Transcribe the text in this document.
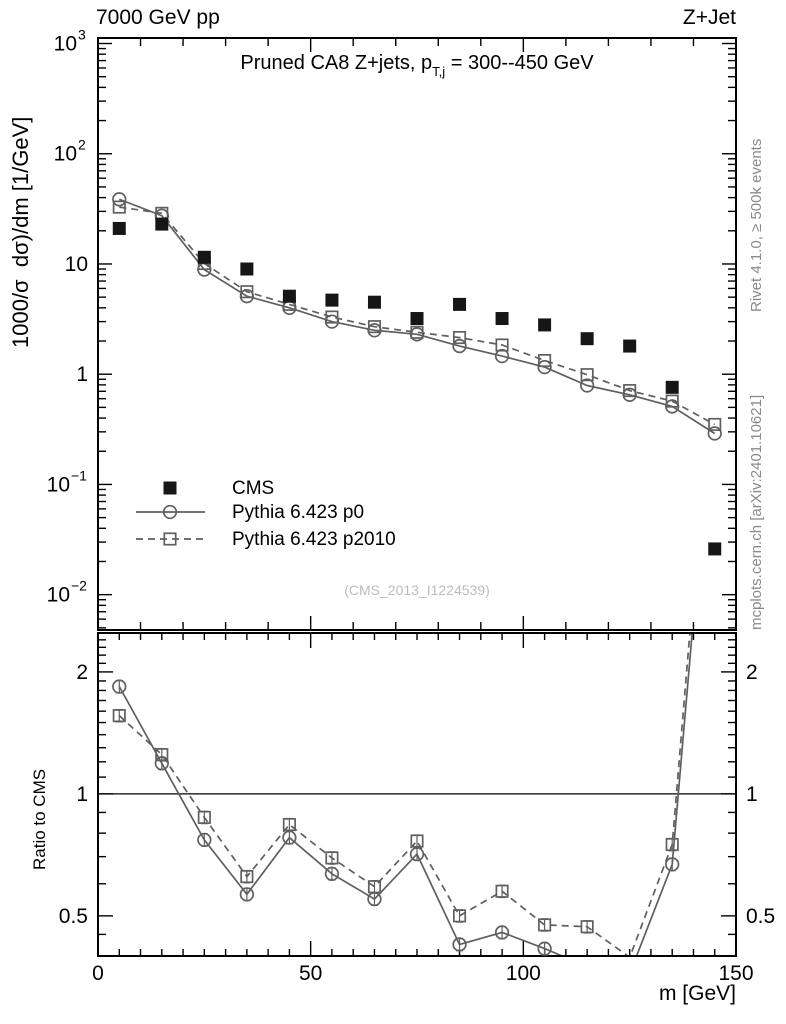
10 3
10 2
10
1
10 −1
10 −2
2	2
1	1
0.5	0.5
0	50	100	150
7000 GeV pp	Z+Jet
Pruned CA8 Z+jets, $p_{T,j} = 300--450$ GeV
1000/σ  dσ)/dm [1/GeV]
Ratio to CMS
Rivet 4.1.0, ≥ 500k events
mcplots.cern.ch [arXiv:2401.10621]
(CMS_2013_I1224539)
CMS
Pythia 6.423 p0
Pythia 6.423 p2010
m [GeV]
